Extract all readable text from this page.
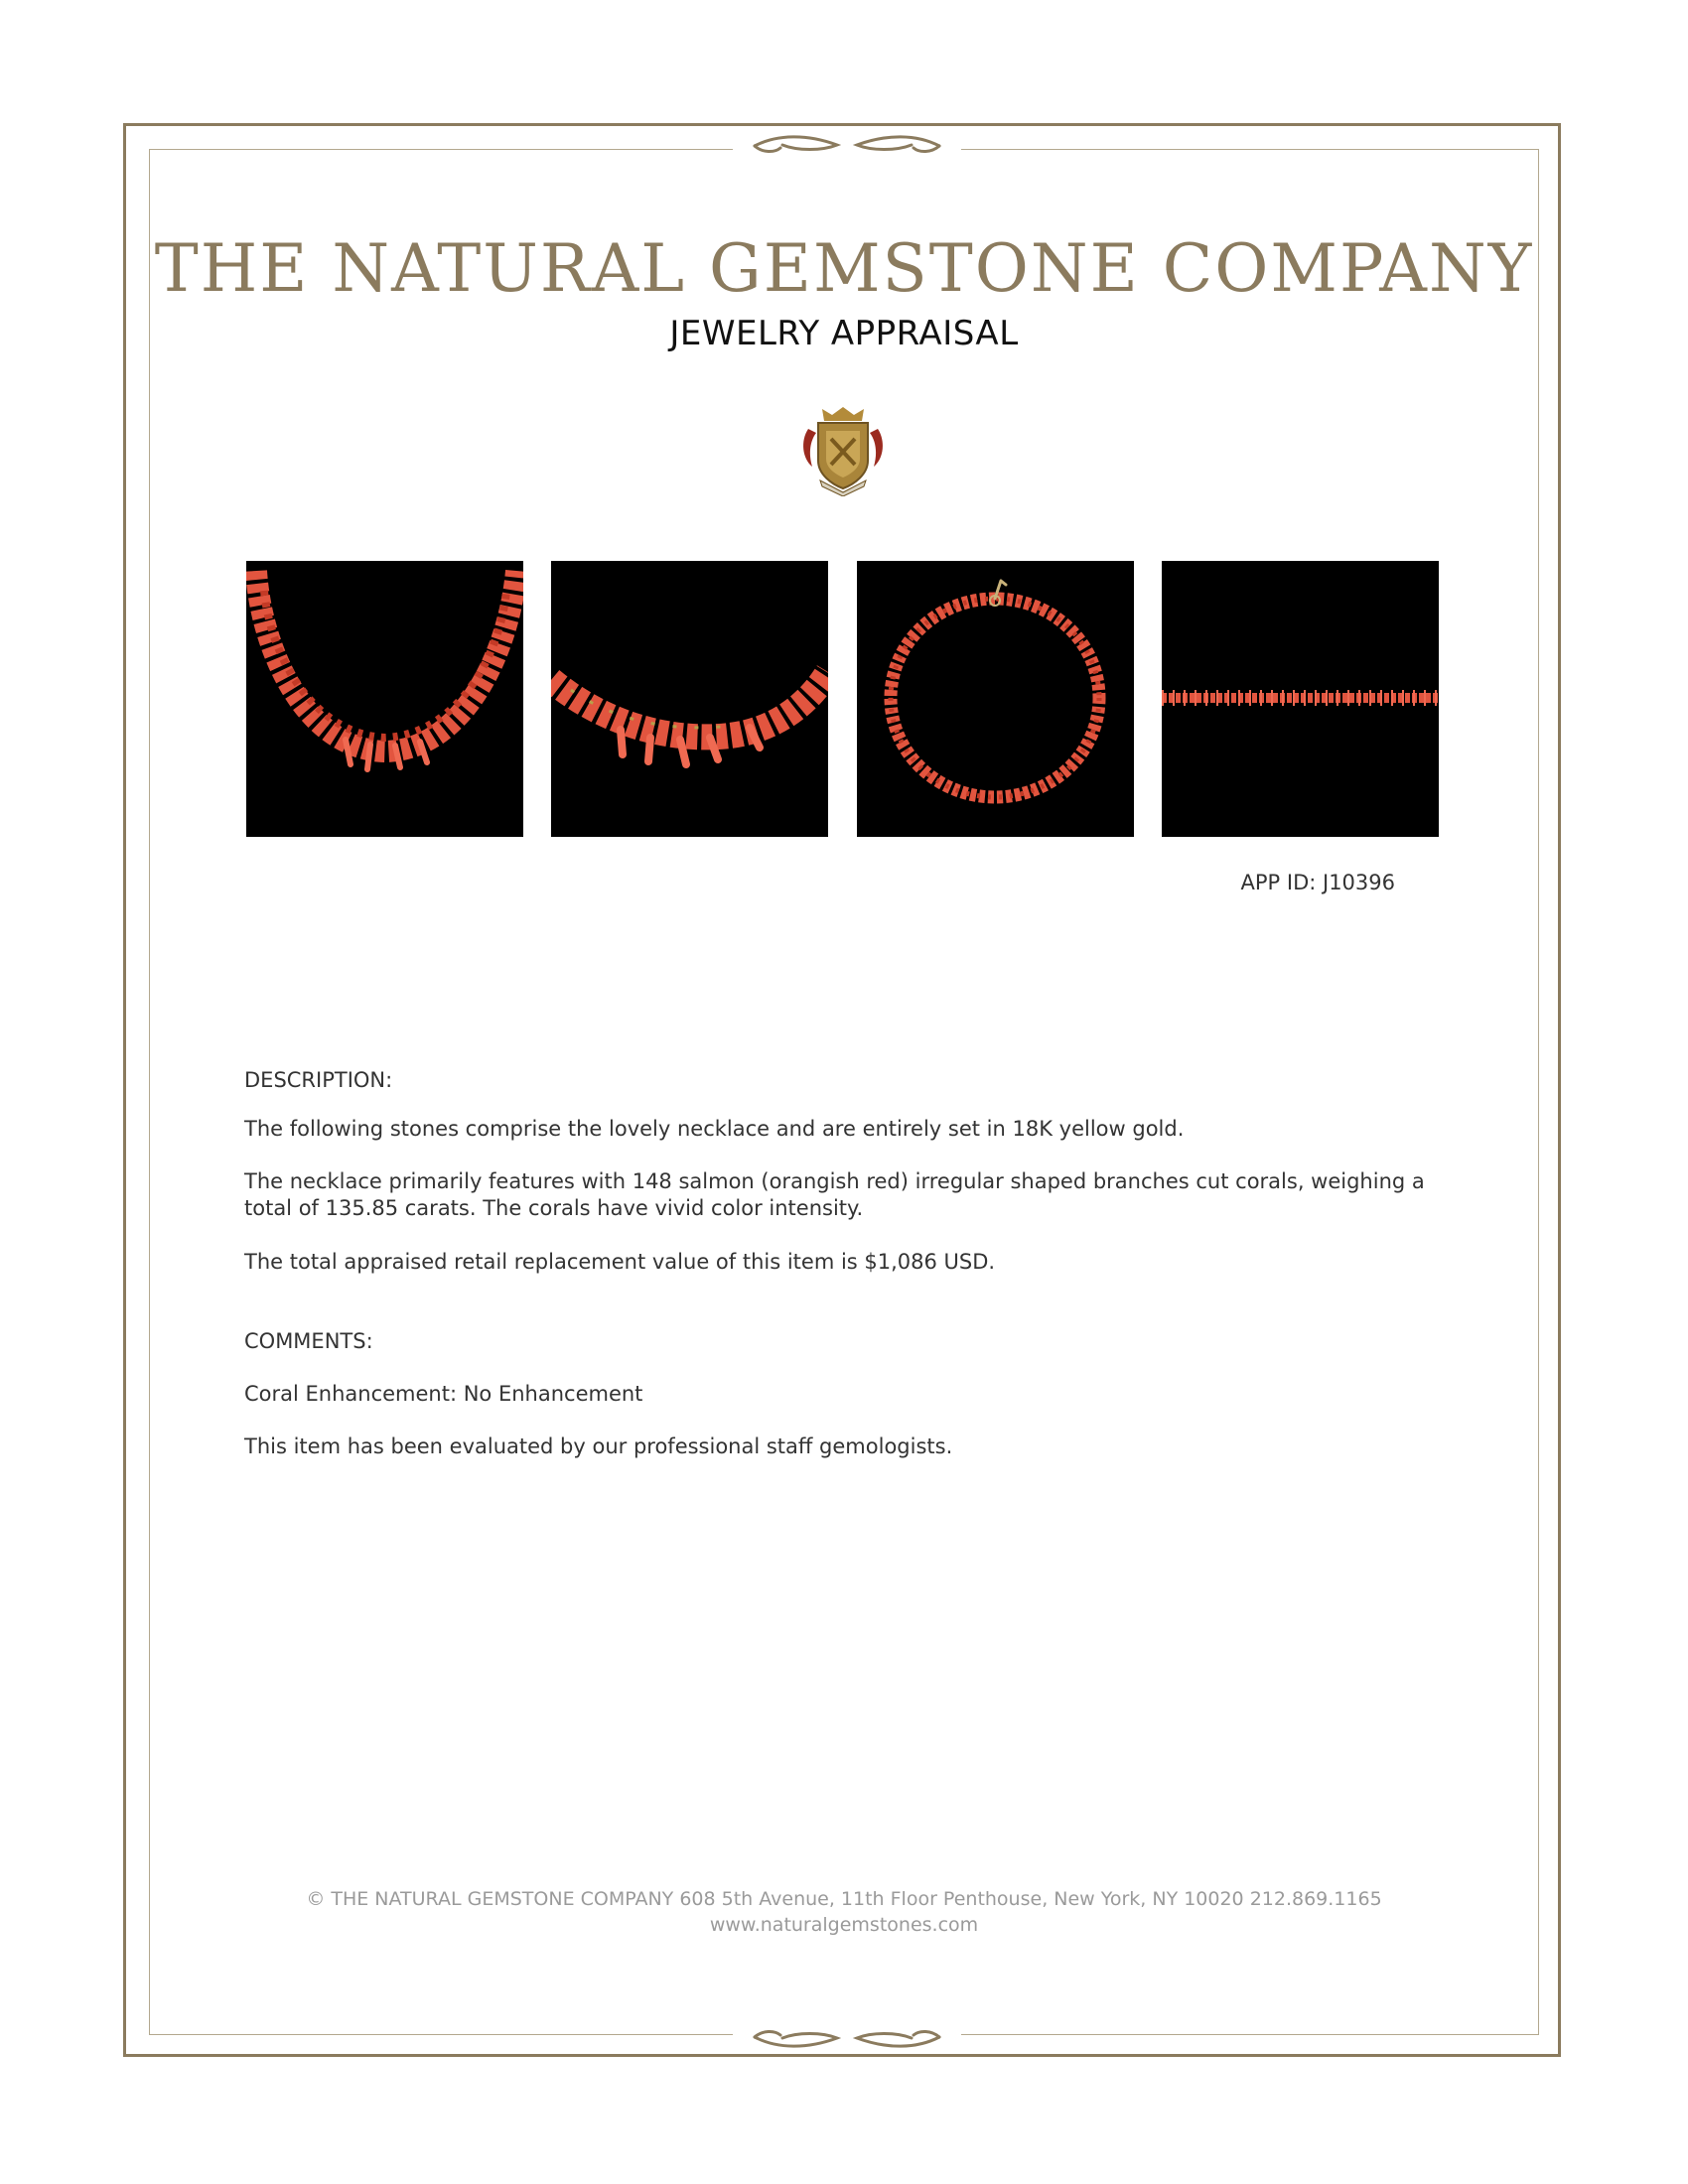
THE NATURAL GEMSTONE COMPANY
JEWELRY APPRAISAL
APP ID: J10396
DESCRIPTION:
The following stones comprise the lovely necklace and are entirely set in 18K yellow gold.
The necklace primarily features with 148 salmon (orangish red) irregular shaped branches cut corals, weighing a
total of 135.85 carats. The corals have vivid color intensity.
The total appraised retail replacement value of this item is $1,086 USD.
COMMENTS:
Coral Enhancement: No Enhancement
This item has been evaluated by our professional staff gemologists.
© THE NATURAL GEMSTONE COMPANY 608 5th Avenue, 11th Floor Penthouse, New York, NY 10020 212.869.1165
www.naturalgemstones.com
